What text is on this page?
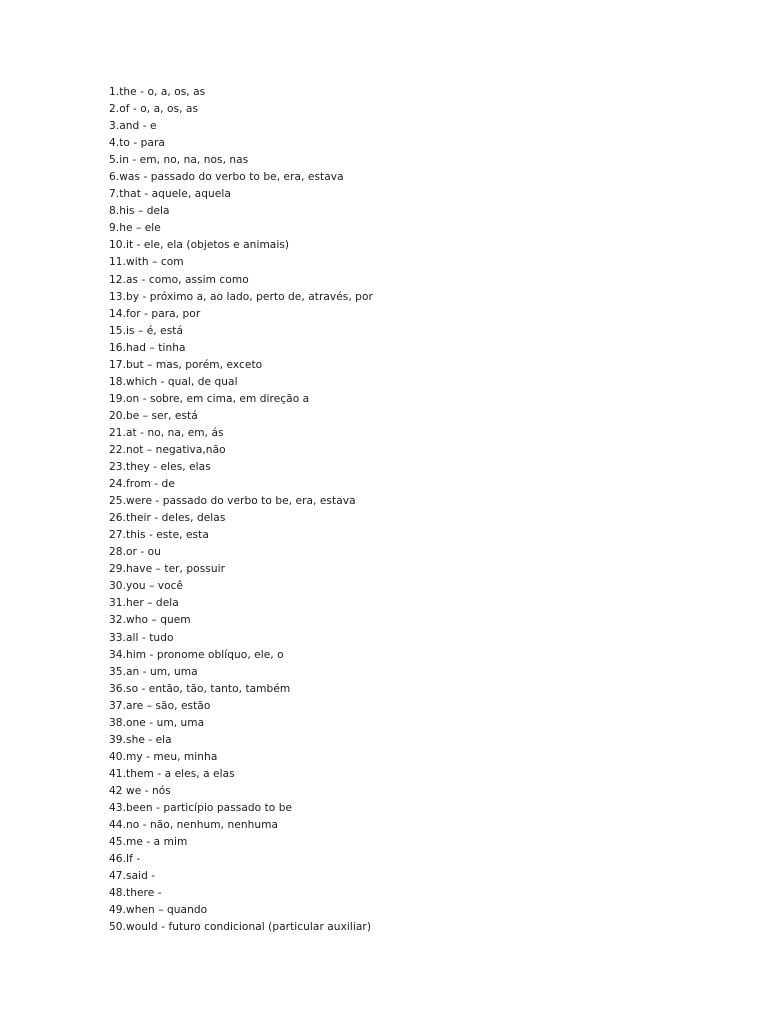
1.the - o, a, os, as
2.of - o, a, os, as
3.and - e
4.to - para
5.in - em, no, na, nos, nas
6.was - passado do verbo to be, era, estava
7.that - aquele, aquela
8.his – dela
9.he – ele
10.it - ele, ela (objetos e animais)
11.with – com
12.as - como, assim como
13.by - próximo a, ao lado, perto de, através, por
14.for - para, por
15.is – é, está
16.had – tinha
17.but – mas, porém, exceto
18.which - qual, de qual
19.on - sobre, em cima, em direção a
20.be – ser, está
21.at - no, na, em, ás
22.not – negativa,não
23.they - eles, elas
24.from - de
25.were - passado do verbo to be, era, estava
26.their - deles, delas
27.this - este, esta
28.or - ou
29.have – ter, possuir
30.you – você
31.her – dela
32.who – quem
33.all - tudo
34.him - pronome oblíquo, ele, o
35.an - um, uma
36.so - então, tão, tanto, também
37.are – são, estão
38.one - um, uma
39.she - ela
40.my - meu, minha
41.them - a eles, a elas
42 we - nós
43.been - particípio passado to be
44.no - não, nenhum, nenhuma
45.me - a mim
46.If -
47.said -
48.there -
49.when – quando
50.would - futuro condicional (particular auxiliar)
